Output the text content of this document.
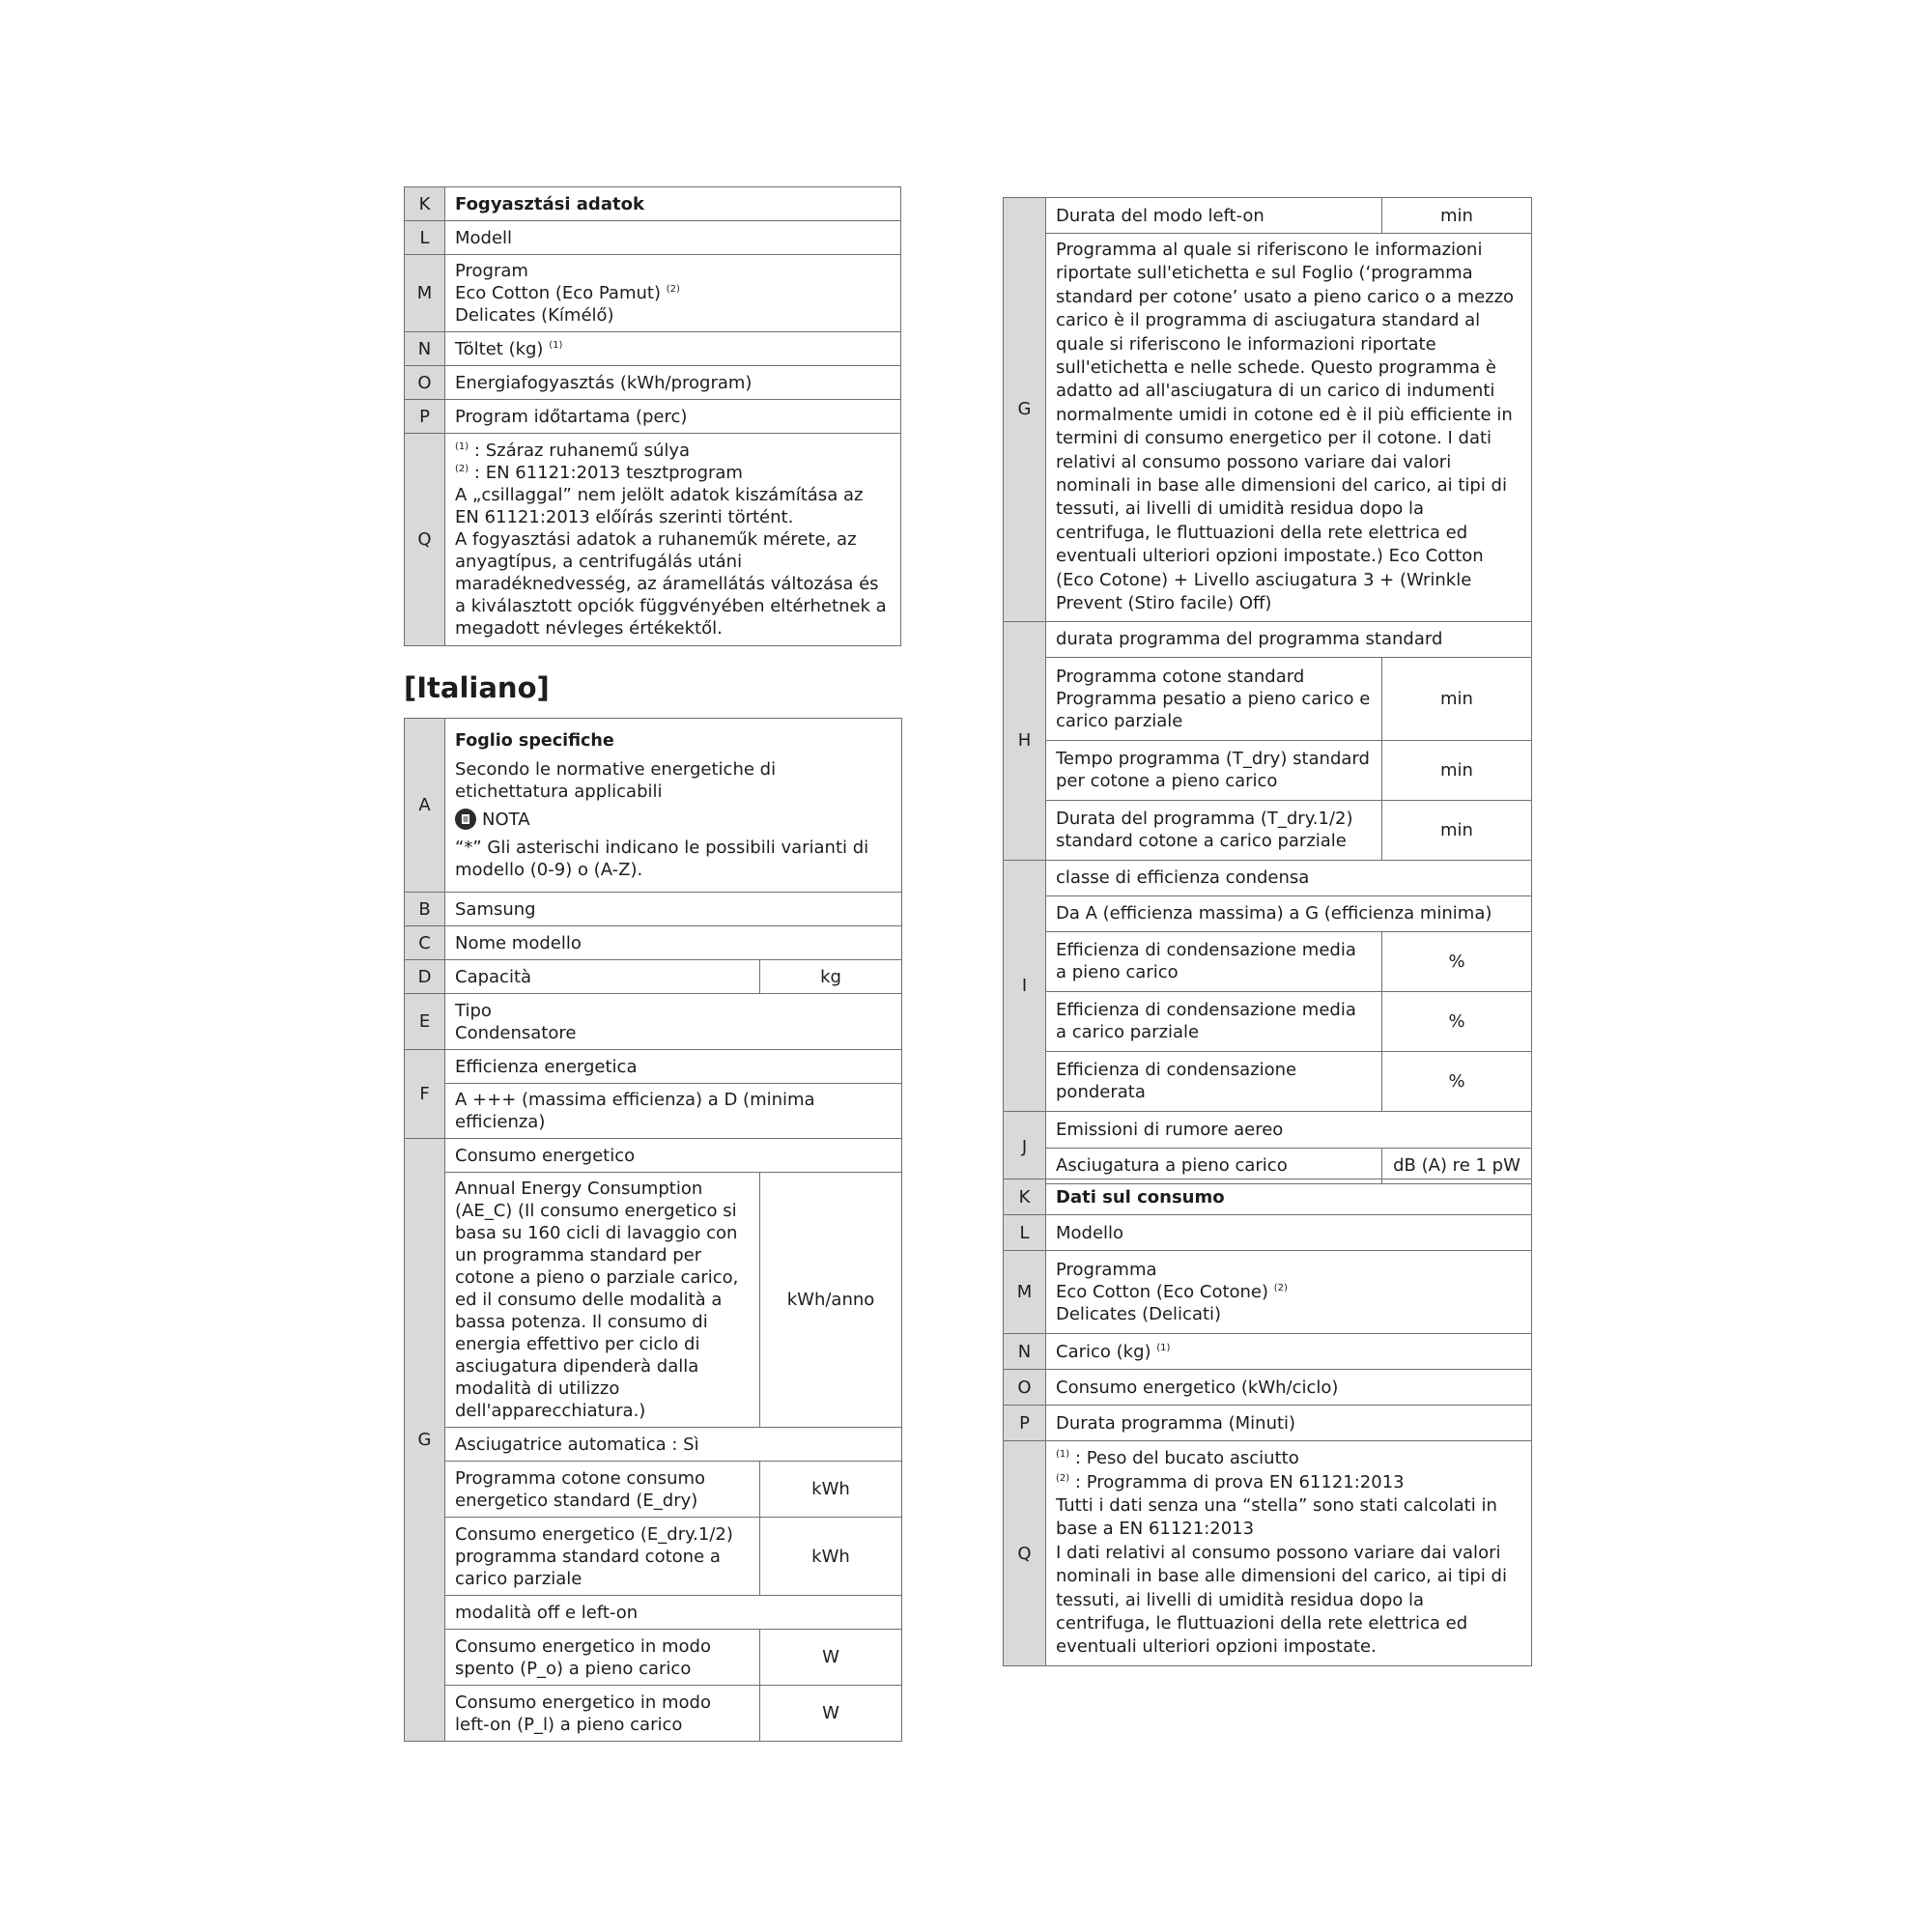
K	Fogyasztási adatok
L	Modell
M	Program
Eco Cotton (Eco Pamut) $^{(2)}$
Delicates (Kímélő)

N	Töltet (kg) $^{(1)}$
O	Energiafogyasztás (kWh/program)
P	Program időtartama (perc)
Q	$^{(1)}$ : Száraz ruhanemű súlya
$^{(2)}$ : EN 61121:2013 tesztprogram
A „csillaggal” nem jelölt adatok kiszámítása az EN 61121:2013 előírás szerinti történt.
A fogyasztási adatok a ruhaneműk mérete, az anyagtípus, a centrifugálás utáni maradéknedvesség, az áramellátás változása és a kiválasztott opciók függvényében eltérhetnek a megadott névleges értékektől.
[Italiano]
A	Foglio specifiche
Secondo le normative energetiche di etichettatura applicabili
NOTA
“*” Gli asterischi indicano le possibili varianti di modello (0-9) o (A-Z).	

B	Samsung	
C	Nome modello	
D	Capacità	kg
E	Tipo
Condensatore	

F	Efficienza energetica	
	A +++ (massima efficienza) a D (minima efficienza)	
G	Consumo energetico	
	Annual Energy Consumption (AE_C) (Il consumo energetico si basa su 160 cicli di lavaggio con un programma standard per cotone a pieno o parziale carico, ed il consumo delle modalità a bassa potenza. Il consumo di energia effettivo per ciclo di asciugatura dipenderà dalla modalità di utilizzo dell'apparecchiatura.)	kWh/anno
	Asciugatrice automatica : Sì	
	Programma cotone consumo energetico standard (E_dry)	kWh
	Consumo energetico (E_dry.1/2) programma standard cotone a carico parziale	kWh
	modalità off e left-on	
	Consumo energetico in modo spento (P_o) a pieno carico	W
	Consumo energetico in modo left-on (P_l) a pieno carico	W
G	Durata del modo left-on	min
	Programma al quale si riferiscono le informazioni riportate sull'etichetta e sul Foglio (‘programma standard per cotone’ usato a pieno carico o a mezzo carico è il programma di asciugatura standard al quale si riferiscono le informazioni riportate sull'etichetta e nelle schede. Questo programma è adatto ad all'asciugatura di un carico di indumenti normalmente umidi in cotone ed è il più efficiente in termini di consumo energetico per il cotone. I dati relativi al consumo possono variare dai valori nominali in base alle dimensioni del carico, ai tipi di tessuti, ai livelli di umidità residua dopo la centrifuga, le fluttuazioni della rete elettrica ed eventuali ulteriori opzioni impostate.) Eco Cotton (Eco Cotone) + Livello asciugatura 3 + (Wrinkle Prevent (Stiro facile) Off)	
H	durata programma del programma standard	
	Programma cotone standard Programma pesatio a pieno carico e carico parziale	min
	Tempo programma (T_dry) standard per cotone a pieno carico	min
	Durata del programma (T_dry.1/2) standard cotone a carico parziale	min
I	classe di efficienza condensa	
	Da A (efficienza massima) a G (efficienza minima)	
	Efficienza di condensazione media a pieno carico	%
	Efficienza di condensazione media a carico parziale	%
	Efficienza di condensazione ponderata	%
J	Emissioni di rumore aereo	
	Asciugatura a pieno carico	dB (A) re 1 pW
K	Dati sul consumo
L	Modello
M	Programma
Eco Cotton (Eco Cotone) $^{(2)}$
Delicates (Delicati)

N	Carico (kg) $^{(1)}$
O	Consumo energetico (kWh/ciclo)
P	Durata programma (Minuti)
Q	$^{(1)}$ : Peso del bucato asciutto
$^{(2)}$ : Programma di prova EN 61121:2013
Tutti i dati senza una “stella” sono stati calcolati in base a EN 61121:2013
I dati relativi al consumo possono variare dai valori nominali in base alle dimensioni del carico, ai tipi di tessuti, ai livelli di umidità residua dopo la centrifuga, le fluttuazioni della rete elettrica ed eventuali ulteriori opzioni impostate.
